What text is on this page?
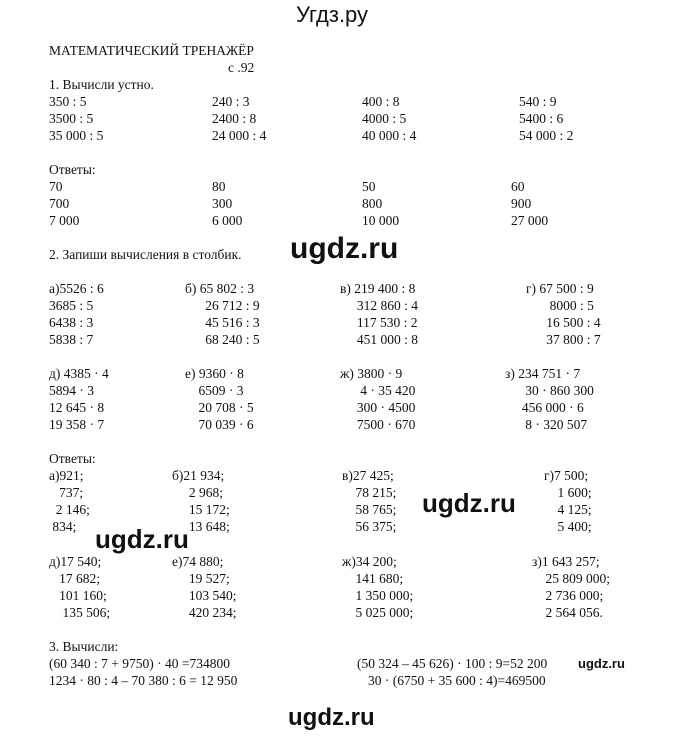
Угдз.ру
МАТЕМАТИЧЕСКИЙ ТРЕНАЖЁР
с .92
1. Вычисли устно.
350 : 5
3500 : 5
35 000 : 5
240 : 3
2400 : 8
24 000 : 4
400 : 8
4000 : 5
40 000 : 4
540 : 9
5400 : 6
54 000 : 2
Ответы:
70
700
7 000
80
300
6 000
50
800
10 000
60
900
27 000
2. Запиши вычисления в столбик. ugdz.ru
а)5526 : 6
3685 : 5
6438 : 3
5838 : 7
б) 65 802 : 3
26 712 : 9
45 516 : 3
68 240 : 5
в) 219 400 : 8
312 860 : 4
117 530 : 2
451 000 : 8
г) 67 500 : 9
8000 : 5
16 500 : 4
37 800 : 7
д) 4385 · 4
5894 · 3
12 645 · 8
19 358 · 7
е) 9360 · 8
6509 · 3
20 708 · 5
70 039 · 6
ж) 3800 · 9
4 · 35 420
300 · 4500
7500 · 670
з) 234 751 · 7
30 · 860 300
456 000 · 6
8 · 320 507
Ответы:
а)921;
737;
2 146;
834;
б)21 934;
2 968;
15 172;
13 648;
в)27 425;
78 215;
58 765;
56 375;
г)7 500;
1 600;
4 125;
5 400;
ugdz.ru
ugdz.ru
д)17 540;
17 682;
101 160;
135 506;
е)74 880;
19 527;
103 540;
420 234;
ж)34 200;
141 680;
1 350 000;
5 025 000;
з)1 643 257;
25 809 000;
2 736 000;
2 564 056.
3. Вычисли:
(60 340 : 7 + 9750) · 40 =734800	(50 324 – 45 626) · 100 : 9=52 200 ugdz.ru
1234 · 80 : 4 – 70 380 : 6 = 12 950	30 · (6750 + 35 600 : 4)=469500
ugdz.ru
